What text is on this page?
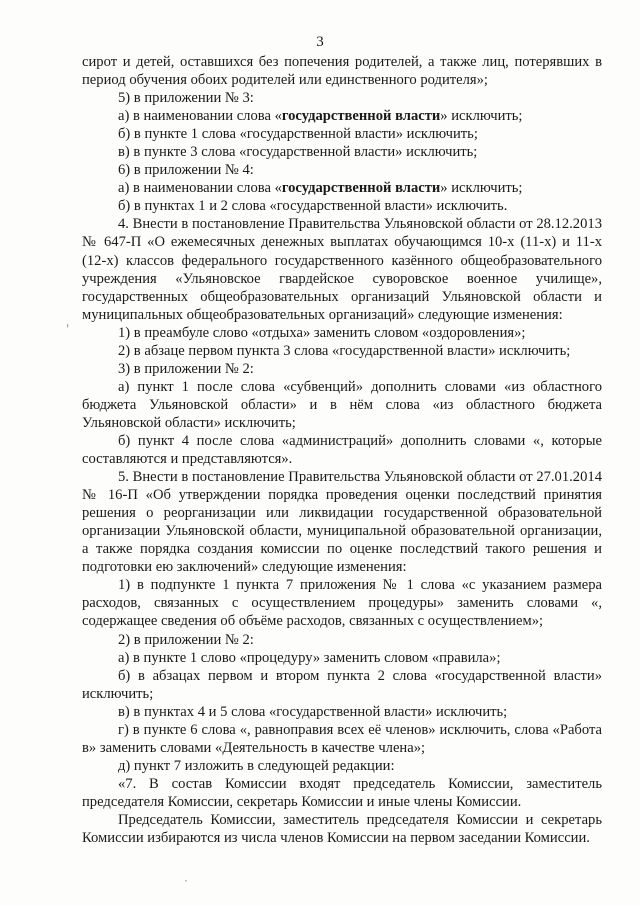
3

сирот и детей, оставшихся без попечения родителей, а также лиц, потерявших в период обучения обоих родителей или единственного родителя»;

5) в приложении № 3:

а) в наименовании слова «государственной власти» исключить;

б) в пункте 1 слова «государственной власти» исключить;

в) в пункте 3 слова «государственной власти» исключить;

6) в приложении № 4:

а) в наименовании слова «государственной власти» исключить;

б) в пунктах 1 и 2 слова «государственной власти» исключить.

4. Внести в постановление Правительства Ульяновской области от 28.12.2013 № 647-П «О ежемесячных денежных выплатах обучающимся 10-х (11-х) и 11-х (12-х) классов федерального государственного казённого общеобразовательного учреждения «Ульяновское гвардейское суворовское военное училище», государственных общеобразовательных организаций Ульяновской области и муниципальных общеобразовательных организаций» следующие изменения:

1) в преамбуле слово «отдыха» заменить словом «оздоровления»;

2) в абзаце первом пункта 3 слова «государственной власти» исключить;

3) в приложении № 2:

а) пункт 1 после слова «субвенций» дополнить словами «из областного бюджета Ульяновской области» и в нём слова «из областного бюджета Ульяновской области» исключить;

б) пункт 4 после слова «администраций» дополнить словами «, которые составляются и представляются».

5. Внести в постановление Правительства Ульяновской области от 27.01.2014 № 16-П «Об утверждении порядка проведения оценки последствий принятия решения о реорганизации или ликвидации государственной образовательной организации Ульяновской области, муниципальной образовательной организации, а также порядка создания комиссии по оценке последствий такого решения и подготовки ею заключений» следующие изменения:

1) в подпункте 1 пункта 7 приложения № 1 слова «с указанием размера расходов, связанных с осуществлением процедуры» заменить словами «, содержащее сведения об объёме расходов, связанных с осуществлением»;

2) в приложении № 2:

а) в пункте 1 слово «процедуру» заменить словом «правила»;

б) в абзацах первом и втором пункта 2 слова «государственной власти» исключить;

в) в пунктах 4 и 5 слова «государственной власти» исключить;

г) в пункте 6 слова «, равноправия всех её членов» исключить, слова «Работа в» заменить словами «Деятельность в качестве члена»;

д) пункт 7 изложить в следующей редакции:

«7. В состав Комиссии входят председатель Комиссии, заместитель председателя Комиссии, секретарь Комиссии и иные члены Комиссии.

Председатель Комиссии, заместитель председателя Комиссии и секретарь Комиссии избираются из числа членов Комиссии на первом заседании Комиссии.

'
·
